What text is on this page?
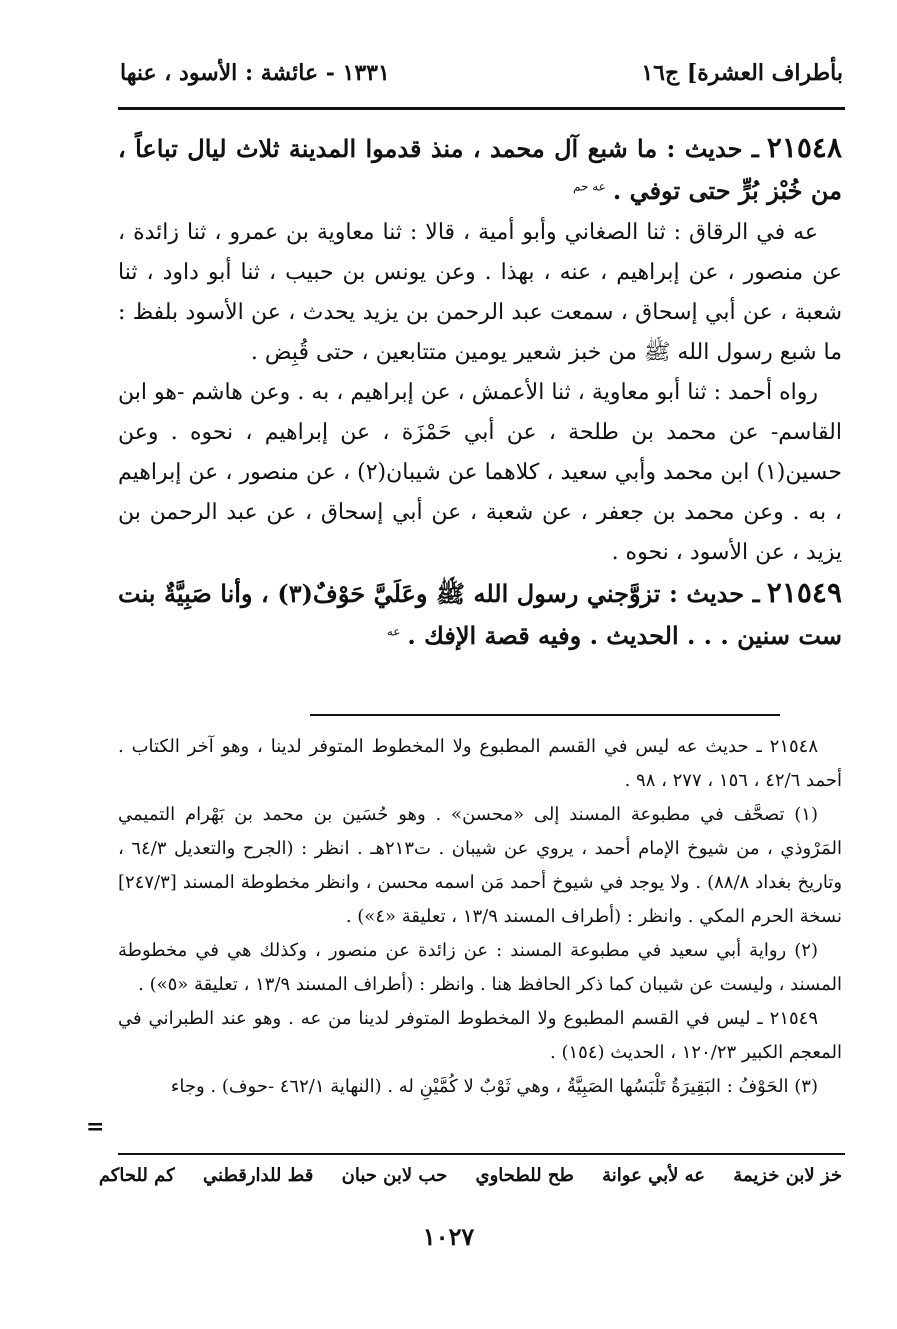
بأطراف العشرة] ج١٦
١٣٣١ - عائشة : الأسود ، عنها

٢١٥٤٨ ـ حديث : ما شبع آل محمد ، منذ قدموا المدينة ثلاث ليال تباعاً ، من خُبْز بُرٍّ حتى توفي . $^{عه حم}$

عه في الرقاق : ثنا الصغاني وأبو أمية ، قالا : ثنا معاوية بن عمرو ، ثنا زائدة ، عن منصور ، عن إبراهيم ، عنه ، بهذا . وعن يونس بن حبيب ، ثنا أبو داود ، ثنا شعبة ، عن أبي إسحاق ، سمعت عبد الرحمن بن يزيد يحدث ، عن الأسود بلفظ : ما شبع رسول الله ﷺ من خبز شعير يومين متتابعين ، حتى قُبِض .

رواه أحمد : ثنا أبو معاوية ، ثنا الأعمش ، عن إبراهيم ، به . وعن هاشم -هو ابن القاسم- عن محمد بن طلحة ، عن أبي حَمْزَة ، عن إبراهيم ، نحوه . وعن حسين(١) ابن محمد وأبي سعيد ، كلاهما عن شيبان(٢) ، عن منصور ، عن إبراهيم ، به . وعن محمد بن جعفر ، عن شعبة ، عن أبي إسحاق ، عن عبد الرحمن بن يزيد ، عن الأسود ، نحوه .

٢١٥٤٩ ـ حديث : تزوَّجني رسول الله ﷺ وعَلَيَّ حَوْفٌ(٣) ، وأنا صَبِيَّةٌ بنت ست سنين . . . الحديث . وفيه قصة الإفك . $^{عه}$

٢١٥٤٨ ـ حديث عه ليس في القسم المطبوع ولا المخطوط المتوفر لدينا ، وهو آخر الكتاب . أحمد ٤٢/٦ ، ١٥٦ ، ٢٧٧ ، ٩٨ .

(١) تصحَّف في مطبوعة المسند إلى «محسن» . وهو حُسَين بن محمد بن بَهْرام التميمي المَرْوذي ، من شيوخ الإمام أحمد ، يروي عن شيبان . ت٢١٣هـ . انظر : (الجرح والتعديل ٦٤/٣ ، وتاريخ بغداد ٨٨/٨) . ولا يوجد في شيوخ أحمد مَن اسمه محسن ، وانظر مخطوطة المسند [٢٤٧/٣] نسخة الحرم المكي . وانظر : (أطراف المسند ١٣/٩ ، تعليقة «٤») .

(٢) رواية أبي سعيد في مطبوعة المسند : عن زائدة عن منصور ، وكذلك هي في مخطوطة المسند ، وليست عن شيبان كما ذكر الحافظ هنا . وانظر : (أطراف المسند ١٣/٩ ، تعليقة «٥») .

٢١٥٤٩ ـ ليس في القسم المطبوع ولا المخطوط المتوفر لدينا من عه . وهو عند الطبراني في المعجم الكبير ١٢٠/٢٣ ، الحديث (١٥٤) .

(٣) الحَوْفُ : البَقِيرَةُ تَلْبَسُها الصَبِيَّةُ ، وهي ثَوْبٌ لا كُمَّيْنِ له . (النهاية ٤٦٢/١ -حوف) . وجاء

=
خز لابن خزيمة عه لأبي عوانة طح للطحاوي حب لابن حبان قط للدارقطني كم للحاكم
١٠٢٧
